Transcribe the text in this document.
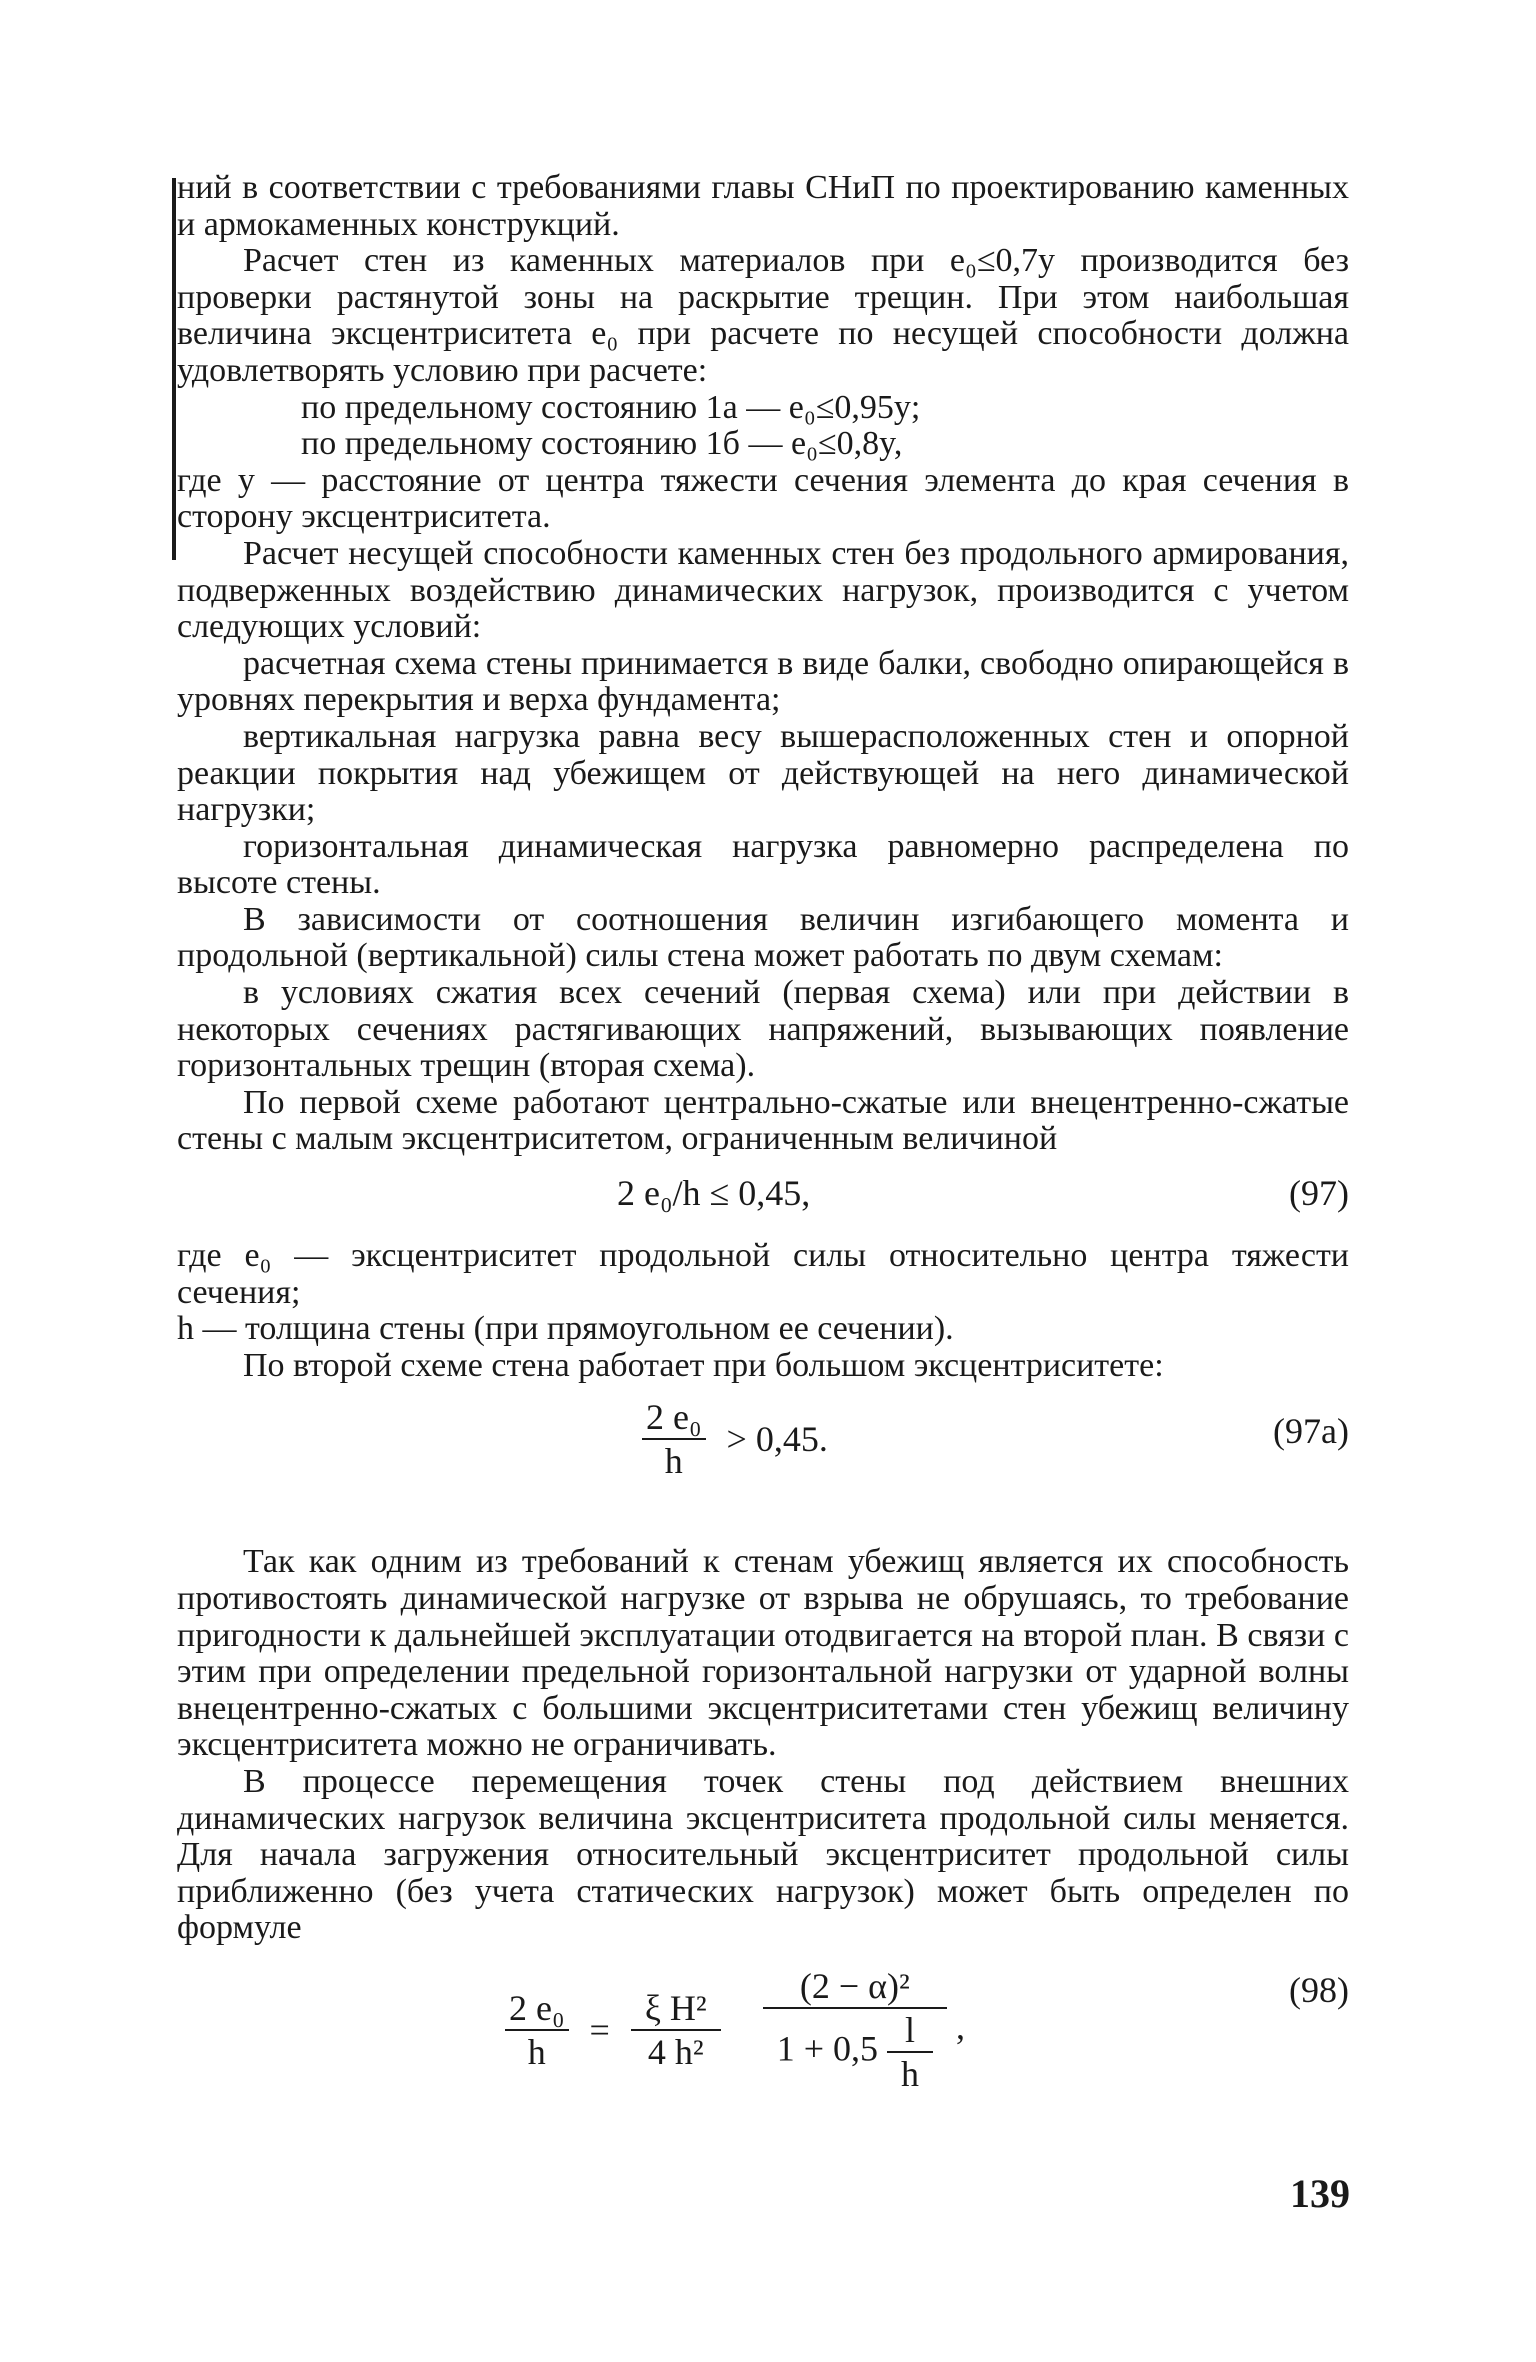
ний в соответствии с требованиями главы СНиП по проектированию каменных и армокаменных конструкций.

Расчет стен из каменных материалов при e₀≤0,7y производится без проверки растянутой зоны на раскрытие трещин. При этом наибольшая величина эксцентриситета e₀ при расчете по несущей способности должна удовлетворять условию при расчете:

по предельному состоянию 1а — e₀≤0,95y;

по предельному состоянию 1б — e₀≤0,8y,

где y — расстояние от центра тяжести сечения элемента до края сечения в сторону эксцентриситета.

Расчет несущей способности каменных стен без продольного армирования, подверженных воздействию динамических нагрузок, производится с учетом следующих условий:

расчетная схема стены принимается в виде балки, свободно опирающейся в уровнях перекрытия и верха фундамента;

вертикальная нагрузка равна весу вышерасположенных стен и опорной реакции покрытия над убежищем от действующей на него динамической нагрузки;

горизонтальная динамическая нагрузка равномерно распределена по высоте стены.

В зависимости от соотношения величин изгибающего момента и продольной (вертикальной) силы стена может работать по двум схемам:

в условиях сжатия всех сечений (первая схема) или при действии в некоторых сечениях растягивающих напряжений, вызывающих появление горизонтальных трещин (вторая схема).

По первой схеме работают центрально-сжатые или внецентренно-сжатые стены с малым эксцентриситетом, ограниченным величиной

2 e₀/h ≤ 0,45,	(97)

где e₀ — эксцентриситет продольной силы относительно центра тяжести сечения;

h — толщина стены (при прямоугольном ее сечении).

По второй схеме стена работает при большом эксцентриситете:

$\frac{\text{2 e₀}}{h} > 0,45$.	(97a)

Так как одним из требований к стенам убежищ является их способность противостоять динамической нагрузке от взрыва не обрушаясь, то требование пригодности к дальнейшей эксплуатации отодвигается на второй план. В связи с этим при определении предельной горизонтальной нагрузки от ударной волны внецентренно-сжатых с большими эксцентриситетами стен убежищ величину эксцентриситета можно не ограничивать.

В процессе перемещения точек стены под действием внешних динамических нагрузок величина эксцентриситета продольной силы меняется. Для начала загружения относительный эксцентриситет продольной силы приближенно (без учета статических нагрузок) может быть определен по формуле

$\frac{\text{2 e₀}}{h} = \frac{\text{ξ H²}}{\text{4 h²}}$
$\frac{\text{(2 − α)²}}{1 + 0,5 \frac{l}{h}}$ ,
(98)
139
